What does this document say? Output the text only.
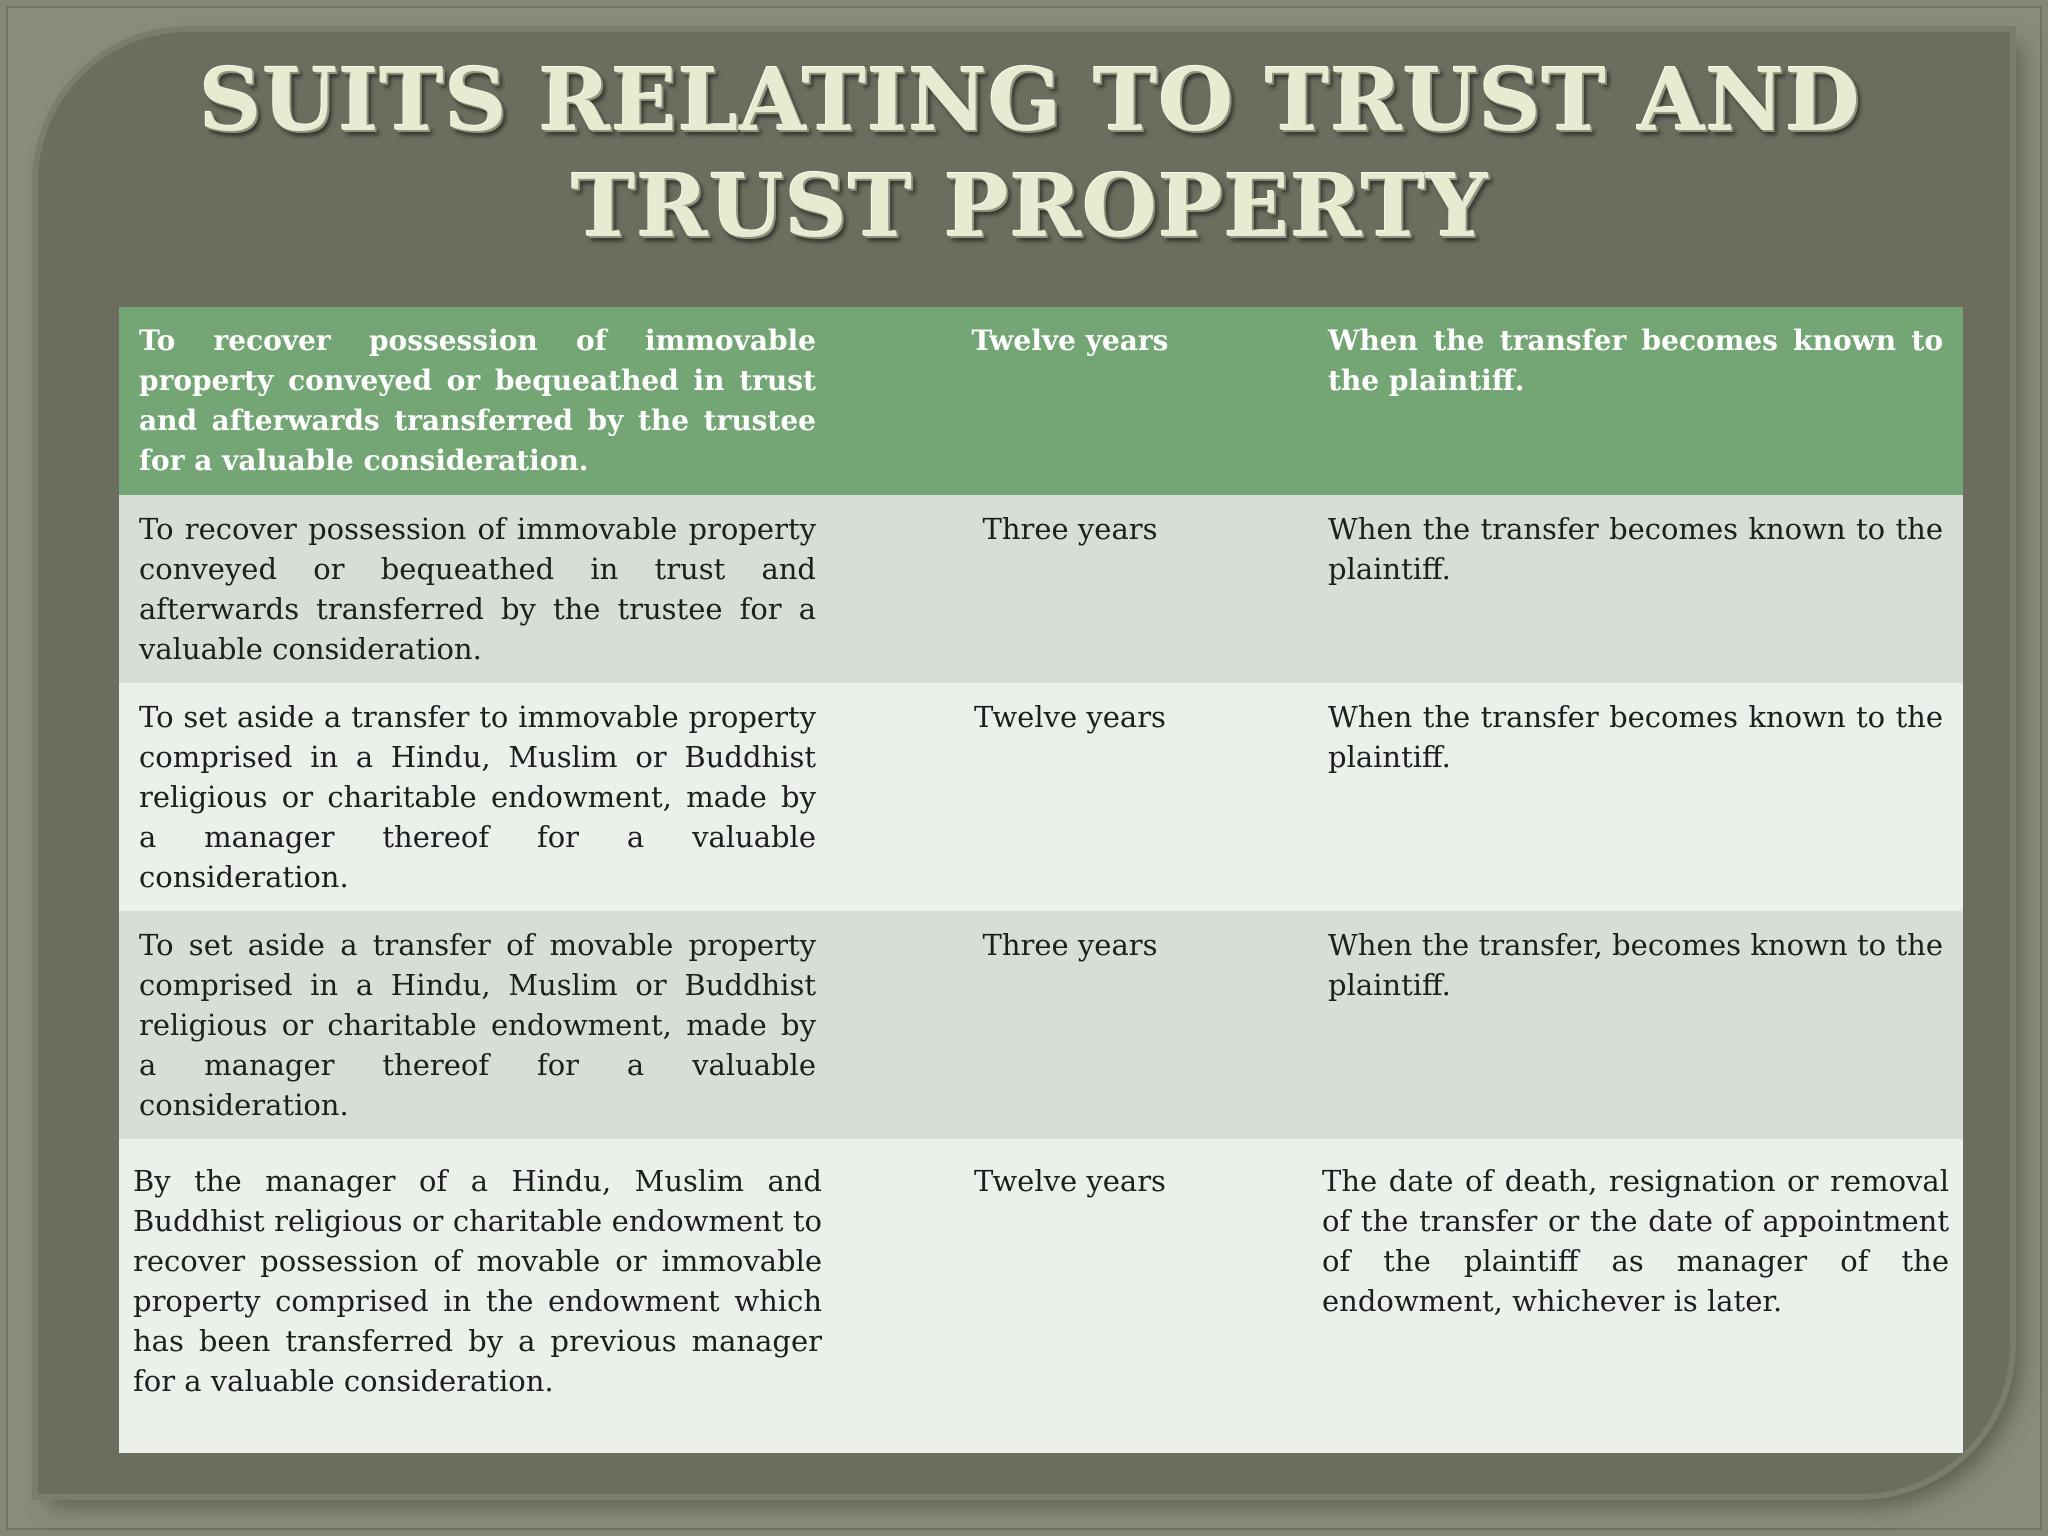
SUITS RELATING TO TRUST AND TRUST PROPERTY
To recover possession of immovable property conveyed or bequeathed in trust and afterwards transferred by the trustee for a valuable consideration.	Twelve years	When the transfer becomes known to the plaintiff.
To recover possession of immovable property conveyed or bequeathed in trust and afterwards transferred by the trustee for a valuable consideration.	Three years	When the transfer becomes known to the plaintiff.
To set aside a transfer to immovable property comprised in a Hindu, Muslim or Buddhist religious or charitable endowment, made by a manager thereof for a valuable consideration.	Twelve years	When the transfer becomes known to the plaintiff.
To set aside a transfer of movable property comprised in a Hindu, Muslim or Buddhist religious or charitable endowment, made by a manager thereof for a valuable consideration.	Three years	When the transfer, becomes known to the plaintiff.
By the manager of a Hindu, Muslim and Buddhist religious or charitable endowment to recover possession of movable or immovable property comprised in the endowment which has been transferred by a previous manager for a valuable consideration.	Twelve years	The date of death, resignation or removal of the transfer or the date of appointment of the plaintiff as manager of the endowment, whichever is later.
